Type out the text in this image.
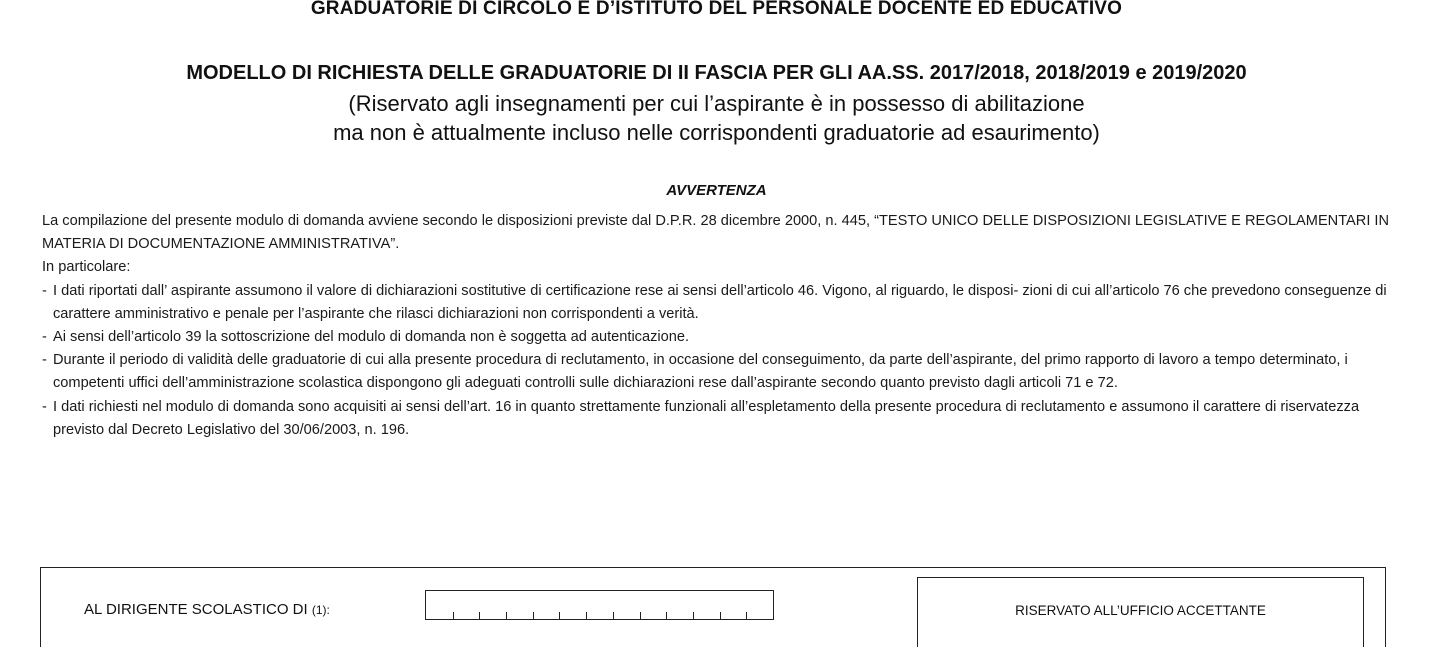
GRADUATORIE DI CIRCOLO E D’ISTITUTO DEL PERSONALE DOCENTE ED EDUCATIVO
MODELLO DI RICHIESTA DELLE GRADUATORIE DI II FASCIA PER GLI AA.SS. 2017/2018, 2018/2019 e 2019/2020
(Riservato agli insegnamenti per cui l’aspirante è in possesso di abilitazione
ma non è attualmente incluso nelle corrispondenti graduatorie ad esaurimento)
AVVERTENZA

La compilazione del presente modulo di domanda avviene secondo le disposizioni previste dal D.P.R. 28 dicembre 2000, n. 445, “TESTO UNICO DELLE DISPOSIZIONI LEGISLATIVE E REGOLAMENTARI IN MATERIA DI DOCUMENTAZIONE AMMINISTRATIVA”.

In particolare:

- I dati riportati dall’ aspirante assumono il valore di dichiarazioni sostitutive di certificazione rese ai sensi dell’articolo 46. Vigono, al riguardo, le disposi- zioni di cui all’articolo 76 che prevedono conseguenze di carattere amministrativo e penale per l’aspirante che rilasci dichiarazioni non corrispondenti a verità.
- Ai sensi dell’articolo 39 la sottoscrizione del modulo di domanda non è soggetta ad autenticazione.
- Durante il periodo di validità delle graduatorie di cui alla presente procedura di reclutamento, in occasione del conseguimento, da parte dell’aspirante, del primo rapporto di lavoro a tempo determinato, i competenti uffici dell’amministrazione scolastica dispongono gli adeguati controlli sulle dichiarazioni rese dall’aspirante secondo quanto previsto dagli articoli 71 e 72.
- I dati richiesti nel modulo di domanda sono acquisiti ai sensi dell’art. 16 in quanto strettamente funzionali all’espletamento della presente procedura di reclutamento e assumono il carattere di riservatezza previsto dal Decreto Legislativo del 30/06/2003, n. 196.
AL DIRIGENTE SCOLASTICO DI (1):	RISERVATO ALL’UFFICIO ACCETTANTE
